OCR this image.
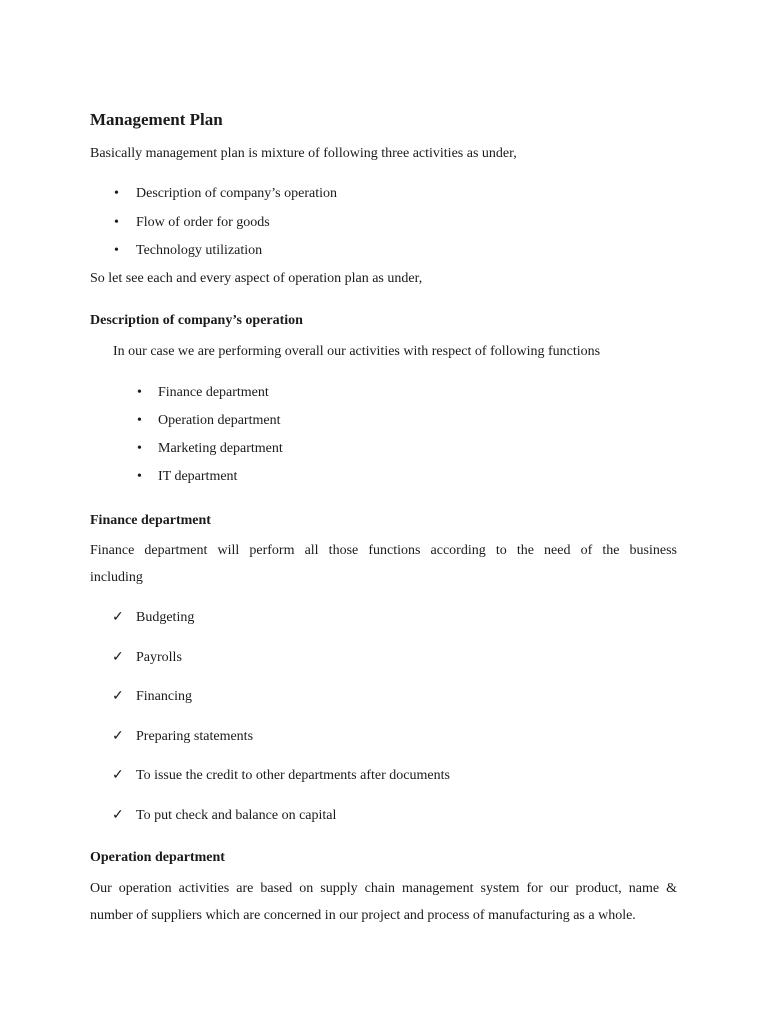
Management Plan
Basically management plan is mixture of following three activities as under,
• Description of company’s operation
• Flow of order for goods
• Technology utilization
So let see each and every aspect of operation plan as under,
Description of company’s operation
In our case we are performing overall our activities with respect of following functions
• Finance department
• Operation department
• Marketing department
• IT department
Finance department
Finance department will perform all those functions according to the need of the business
including
✓ Budgeting
✓ Payrolls
✓ Financing
✓ Preparing statements
✓ To issue the credit to other departments after documents
✓ To put check and balance on capital
Operation department
Our operation activities are based on supply chain management system for our product, name &
number of suppliers which are concerned in our project and process of manufacturing as a whole.
